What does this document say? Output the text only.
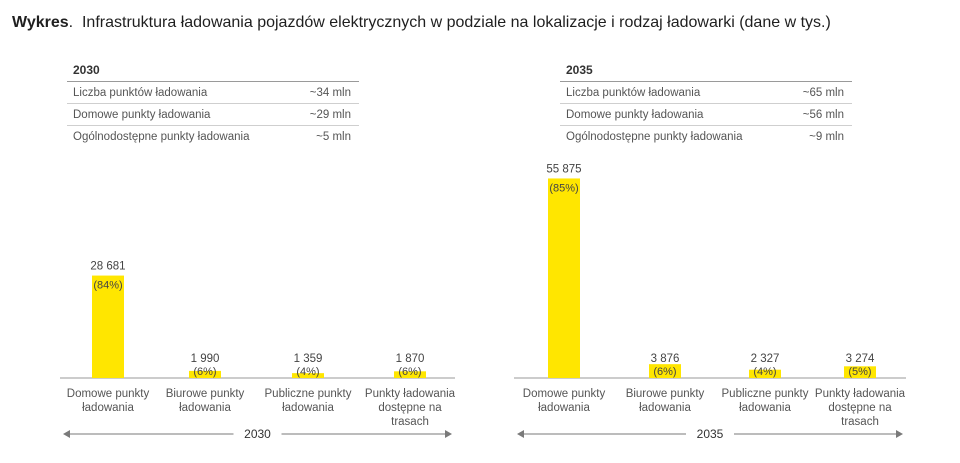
Wykres.  Infrastruktura ładowania pojazdów elektrycznych w podziale na lokalizacje i rodzaj ładowarki (dane w tys.)
2030
Liczba punktów ładowania	~34 mln
Domowe punkty ładowania	~29 mln
Ogólnodostępne punkty ładowania	~5 mln
2035
Liczba punktów ładowania	~65 mln
Domowe punkty ładowania	~56 mln
Ogólnodostępne punkty ładowania	~9 mln
(84%)
28 681
Domowe punkty ładowania
(6%)
1 990
Biurowe punkty ładowania
(4%)
1 359
Publiczne punkty ładowania
(6%)
1 870
Punkty ładowania dostępne na trasach
2030
(85%)
55 875
Domowe punkty ładowania
(6%)
3 876
Biurowe punkty ładowania
(4%)
2 327
Publiczne punkty ładowania
(5%)
3 274
Punkty ładowania dostępne na trasach
2035
